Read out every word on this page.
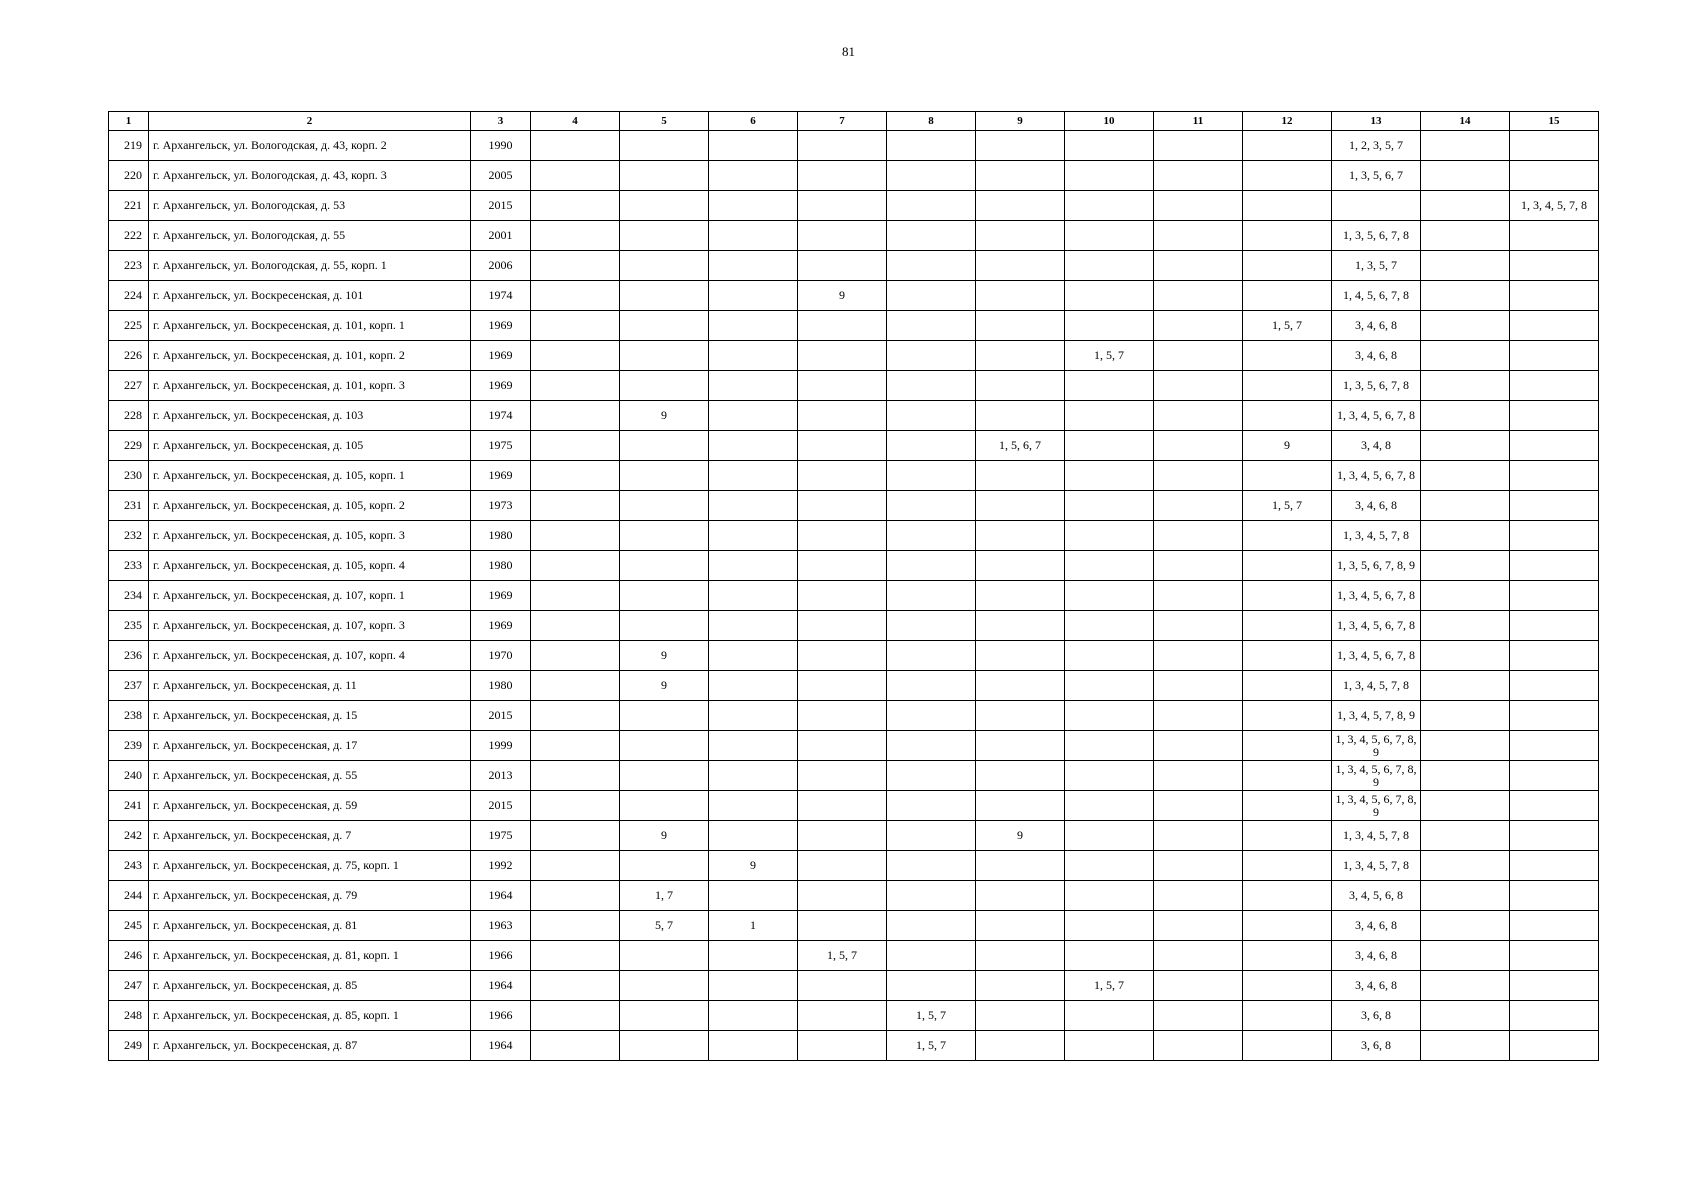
81
1	2	3	4	5	6	7	8	9	10	11	12	13	14	15
219	г. Архангельск, ул. Вологодская, д. 43, корп. 2	1990										1, 2, 3, 5, 7		
220	г. Архангельск, ул. Вологодская, д. 43, корп. 3	2005										1, 3, 5, 6, 7		
221	г. Архангельск, ул. Вологодская, д. 53	2015												1, 3, 4, 5, 7, 8
222	г. Архангельск, ул. Вологодская, д. 55	2001										1, 3, 5, 6, 7, 8		
223	г. Архангельск, ул. Вологодская, д. 55, корп. 1	2006										1, 3, 5, 7		
224	г. Архангельск, ул. Воскресенская, д. 101	1974				9						1, 4, 5, 6, 7, 8		
225	г. Архангельск, ул. Воскресенская, д. 101, корп. 1	1969									1, 5, 7	3, 4, 6, 8		
226	г. Архангельск, ул. Воскресенская, д. 101, корп. 2	1969							1, 5, 7			3, 4, 6, 8		
227	г. Архангельск, ул. Воскресенская, д. 101, корп. 3	1969										1, 3, 5, 6, 7, 8		
228	г. Архангельск, ул. Воскресенская, д. 103	1974		9								1, 3, 4, 5, 6, 7, 8		
229	г. Архангельск, ул. Воскресенская, д. 105	1975						1, 5, 6, 7			9	3, 4, 8		
230	г. Архангельск, ул. Воскресенская, д. 105, корп. 1	1969										1, 3, 4, 5, 6, 7, 8		
231	г. Архангельск, ул. Воскресенская, д. 105, корп. 2	1973									1, 5, 7	3, 4, 6, 8		
232	г. Архангельск, ул. Воскресенская, д. 105, корп. 3	1980										1, 3, 4, 5, 7, 8		
233	г. Архангельск, ул. Воскресенская, д. 105, корп. 4	1980										1, 3, 5, 6, 7, 8, 9		
234	г. Архангельск, ул. Воскресенская, д. 107, корп. 1	1969										1, 3, 4, 5, 6, 7, 8		
235	г. Архангельск, ул. Воскресенская, д. 107, корп. 3	1969										1, 3, 4, 5, 6, 7, 8		
236	г. Архангельск, ул. Воскресенская, д. 107, корп. 4	1970		9								1, 3, 4, 5, 6, 7, 8		
237	г. Архангельск, ул. Воскресенская, д. 11	1980		9								1, 3, 4, 5, 7, 8		
238	г. Архангельск, ул. Воскресенская, д. 15	2015										1, 3, 4, 5, 7, 8, 9		
239	г. Архангельск, ул. Воскресенская, д. 17	1999										1, 3, 4, 5, 6, 7, 8, 9		
240	г. Архангельск, ул. Воскресенская, д. 55	2013										1, 3, 4, 5, 6, 7, 8, 9		
241	г. Архангельск, ул. Воскресенская, д. 59	2015										1, 3, 4, 5, 6, 7, 8, 9		
242	г. Архангельск, ул. Воскресенская, д. 7	1975		9				9				1, 3, 4, 5, 7, 8		
243	г. Архангельск, ул. Воскресенская, д. 75, корп. 1	1992			9							1, 3, 4, 5, 7, 8		
244	г. Архангельск, ул. Воскресенская, д. 79	1964		1, 7								3, 4, 5, 6, 8		
245	г. Архангельск, ул. Воскресенская, д. 81	1963		5, 7	1							3, 4, 6, 8		
246	г. Архангельск, ул. Воскресенская, д. 81, корп. 1	1966				1, 5, 7						3, 4, 6, 8		
247	г. Архангельск, ул. Воскресенская, д. 85	1964							1, 5, 7			3, 4, 6, 8		
248	г. Архангельск, ул. Воскресенская, д. 85, корп. 1	1966					1, 5, 7					3, 6, 8		
249	г. Архангельск, ул. Воскресенская, д. 87	1964					1, 5, 7					3, 6, 8		
